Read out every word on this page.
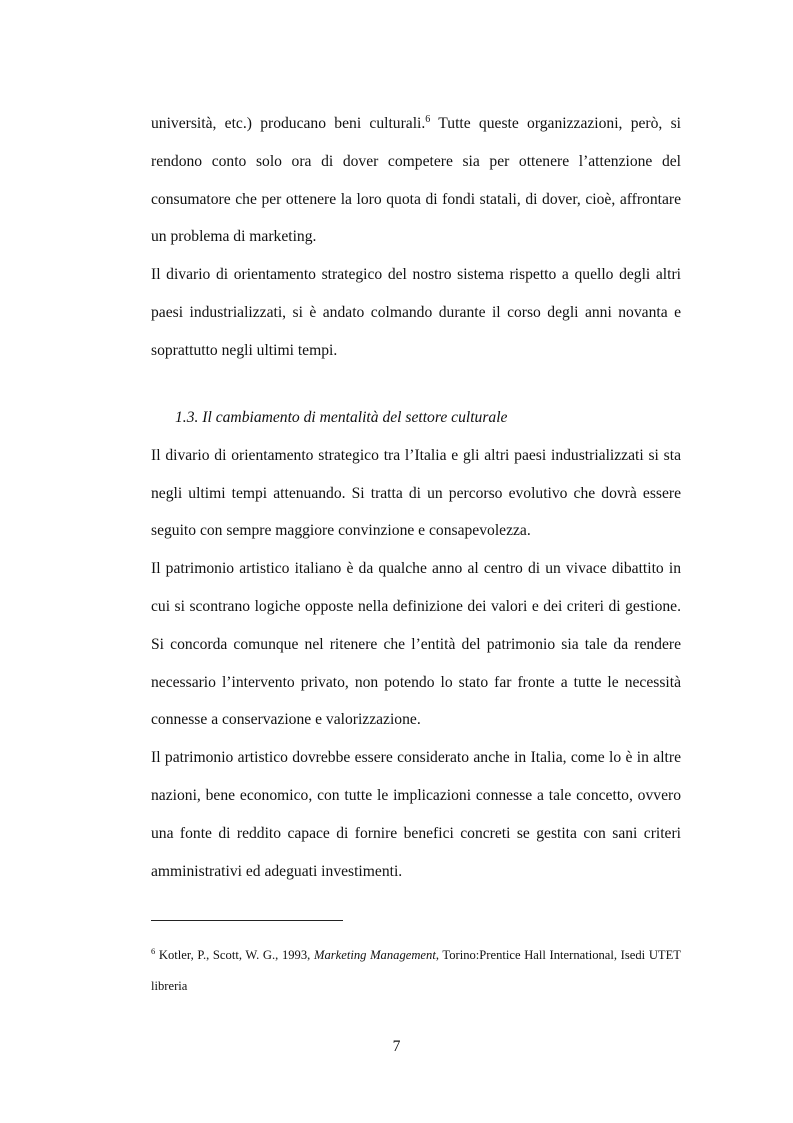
università, etc.) producano beni culturali.$^6$ Tutte queste organizzazioni, però, si rendono conto solo ora di dover competere sia per ottenere l’attenzione del consumatore che per ottenere la loro quota di fondi statali, di dover, cioè, affrontare un problema di marketing.

Il divario di orientamento strategico del nostro sistema rispetto a quello degli altri paesi industrializzati, si è andato colmando durante il corso degli anni novanta e soprattutto negli ultimi tempi.

1.3. Il cambiamento di mentalità del settore culturale

Il divario di orientamento strategico tra l’Italia e gli altri paesi industrializzati si sta negli ultimi tempi attenuando. Si tratta di un percorso evolutivo che dovrà essere seguito con sempre maggiore convinzione e consapevolezza.

Il patrimonio artistico italiano è da qualche anno al centro di un vivace dibattito in cui si scontrano logiche opposte nella definizione dei valori e dei criteri di gestione. Si concorda comunque nel ritenere che l’entità del patrimonio sia tale da rendere necessario l’intervento privato, non potendo lo stato far fronte a tutte le necessità connesse a conservazione e valorizzazione.

Il patrimonio artistico dovrebbe essere considerato anche in Italia, come lo è in altre nazioni, bene economico, con tutte le implicazioni connesse a tale concetto, ovvero una fonte di reddito capace di fornire benefici concreti se gestita con sani criteri amministrativi ed adeguati investimenti.

$^6$ Kotler, P., Scott, W. G., 1993, Marketing Management, Torino:Prentice Hall International, Isedi UTET libreria

7
